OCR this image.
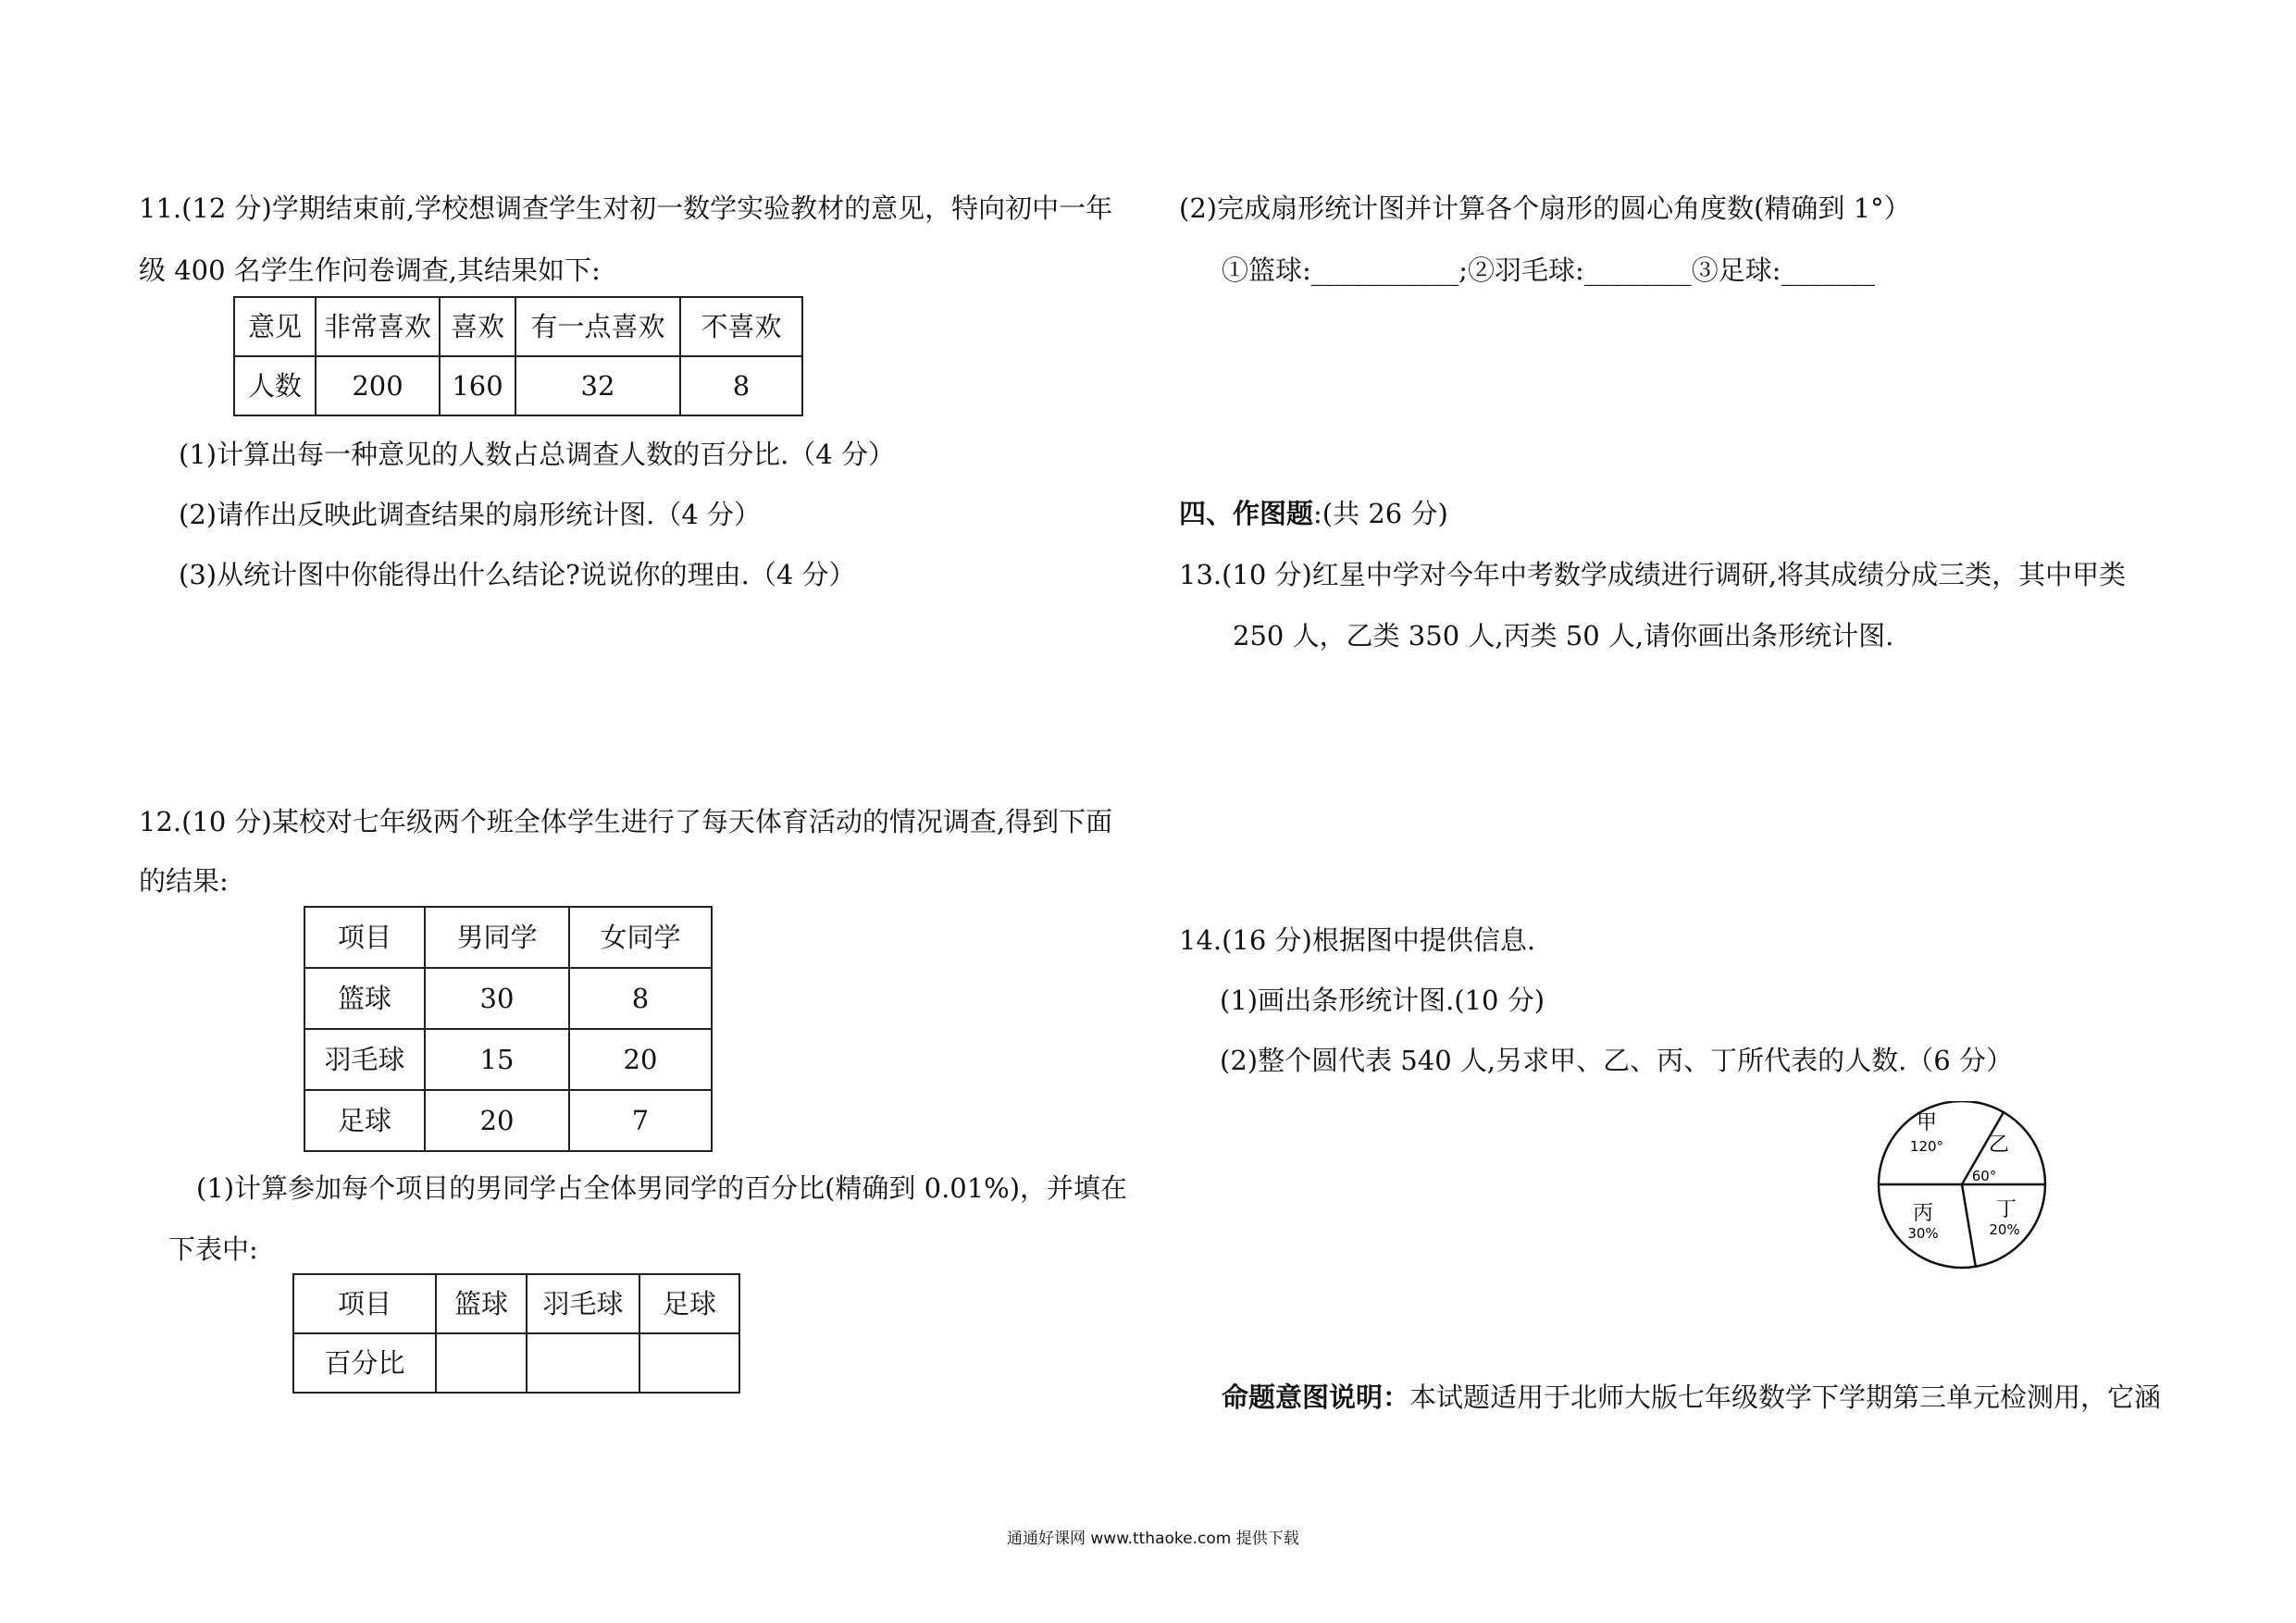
11.(12 分)学期结束前,学校想调查学生对初一数学实验教材的意见，特向初中一年
级 400 名学生作问卷调查,其结果如下:
意见	非常喜欢	喜欢	有一点喜欢	不喜欢
人数	200	160	32	8
(1)计算出每一种意见的人数占总调查人数的百分比.（4 分）
(2)请作出反映此调查结果的扇形统计图.（4 分）
(3)从统计图中你能得出什么结论?说说你的理由.（4 分）
12.(10 分)某校对七年级两个班全体学生进行了每天体育活动的情况调查,得到下面
的结果:
项目	男同学	女同学
篮球	30	8
羽毛球	15	20
足球	20	7
(1)计算参加每个项目的男同学占全体男同学的百分比(精确到 0.01%)，并填在
下表中:
项目	篮球	羽毛球	足球
百分比			
(2)完成扇形统计图并计算各个扇形的圆心角度数(精确到 1°）
①篮球:___________;②羽毛球:________③足球:_______
四、作图题:(共 26 分)
13.(10 分)红星中学对今年中考数学成绩进行调研,将其成绩分成三类，其中甲类
250 人，乙类 350 人,丙类 50 人,请你画出条形统计图.
14.(16 分)根据图中提供信息.
(1)画出条形统计图.(10 分)
(2)整个圆代表 540 人,另求甲、乙、丙、丁所代表的人数.（6 分）
甲
120° 乙
60°
丙
30%
丁
20%
命题意图说明：本试题适用于北师大版七年级数学下学期第三单元检测用，它涵
通通好课网 www.tthaoke.com 提供下载
